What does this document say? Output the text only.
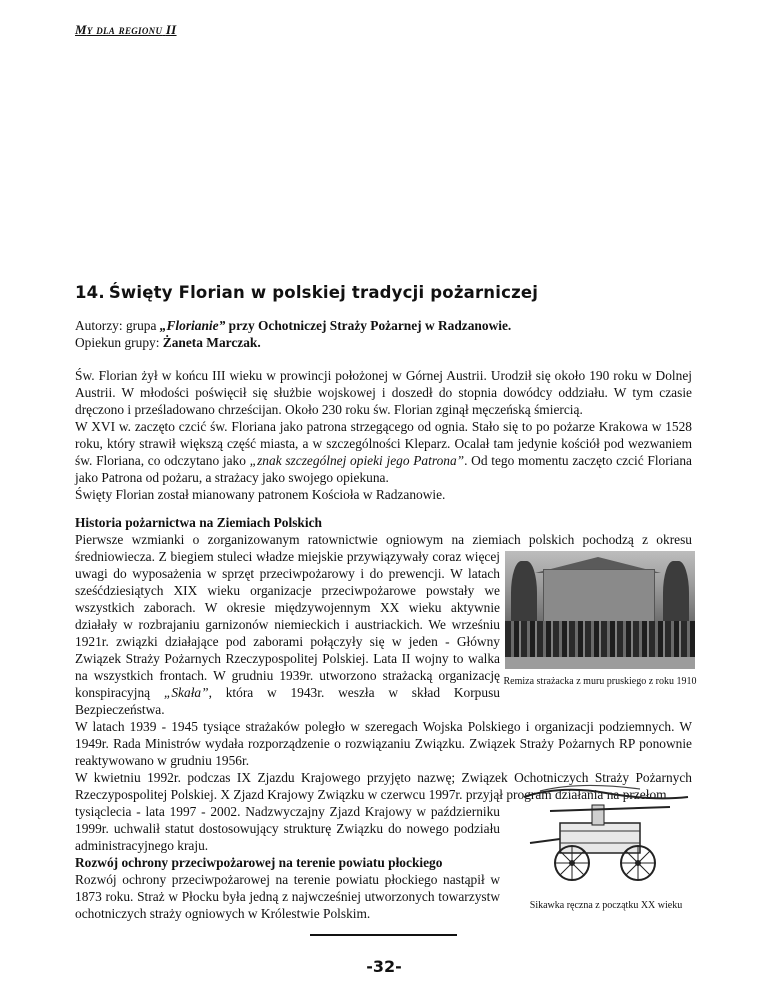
My dla regionu II
14. Święty Florian w polskiej tradycji pożarniczej

Autorzy: grupa „Florianie” przy Ochotniczej Straży Pożarnej w Radzanowie.

Opiekun grupy: Żaneta Marczak.

Św. Florian żył w końcu III wieku w prowincji położonej w Górnej Austrii. Urodził się około 190 roku w Dolnej Austrii. W młodości poświęcił się służbie wojskowej i doszedł do stopnia dowódcy oddziału. W tym czasie dręczono i prześladowano chrześcijan. Około 230 roku św. Florian zginął męczeńską śmiercią.

W XVI w. zaczęto czcić św. Floriana jako patrona strzegącego od ognia. Stało się to po pożarze Krakowa w 1528 roku, który strawił większą część miasta, a w szczególności Kleparz. Ocalał tam jedynie kościół pod wezwaniem św. Floriana, co odczytano jako „znak szczególnej opieki jego Patrona”. Od tego momentu zaczęto czcić Floriana jako Patrona od pożaru, a strażacy jako swojego opiekuna.

Święty Florian został mianowany patronem Kościoła w Radzanowie.

Historia pożarnictwa na Ziemiach Polskich

Pierwsze wzmianki o zorganizowanym ratownictwie ogniowym na ziemiach polskich pochodzą z okresu

średniowiecza. Z biegiem stuleci władze miejskie przywiązywały coraz więcej uwagi do wyposażenia w sprzęt przeciwpożarowy i do prewencji. W latach sześćdziesiątych XIX wieku organizacje przeciwpożarowe powstały we wszystkich zaborach. W okresie międzywojennym XX wieku aktywnie działały w rozbrajaniu garnizonów niemieckich i austriackich. We wrześniu 1921r. związki działające pod zaborami połączyły się w jeden - Główny Związek Straży Pożarnych Rzeczypospolitej Polskiej. Lata II wojny to walka na wszystkich frontach. W grudniu 1939r. utworzono strażacką organizację konspiracyjną „Skała”, która w 1943r. weszła w skład Korpusu Bezpieczeństwa.

W latach 1939 - 1945 tysiące strażaków poległo w szeregach Wojska Polskiego i organizacji podziemnych. W 1949r. Rada Ministrów wydała rozporządzenie o rozwiązaniu Związku. Związek Straży Pożarnych RP ponownie reaktywowano w grudniu 1956r.

W kwietniu 1992r. podczas IX Zjazdu Krajowego przyjęto nazwę; Związek Ochotniczych Straży Pożarnych Rzeczypospolitej Polskiej. X Zjazd Krajowy Związku w czerwcu 1997r. przyjął program działania na przełom

tysiąclecia - lata 1997 - 2002. Nadzwyczajny Zjazd Krajowy w październiku 1999r. uchwalił statut dostosowujący strukturę Związku do nowego podziału administracyjnego kraju.

Rozwój ochrony przeciwpożarowej na terenie powiatu płockiego

Rozwój ochrony przeciwpożarowej na terenie powiatu płockiego nastąpił w 1873 roku. Straż w Płocku była jedną z najwcześniej utworzonych towarzystw ochotniczych straży ogniowych w Królestwie Polskim.

Remiza strażacka z muru pruskiego z roku 1910
Sikawka ręczna z początku XX wieku
-32-
